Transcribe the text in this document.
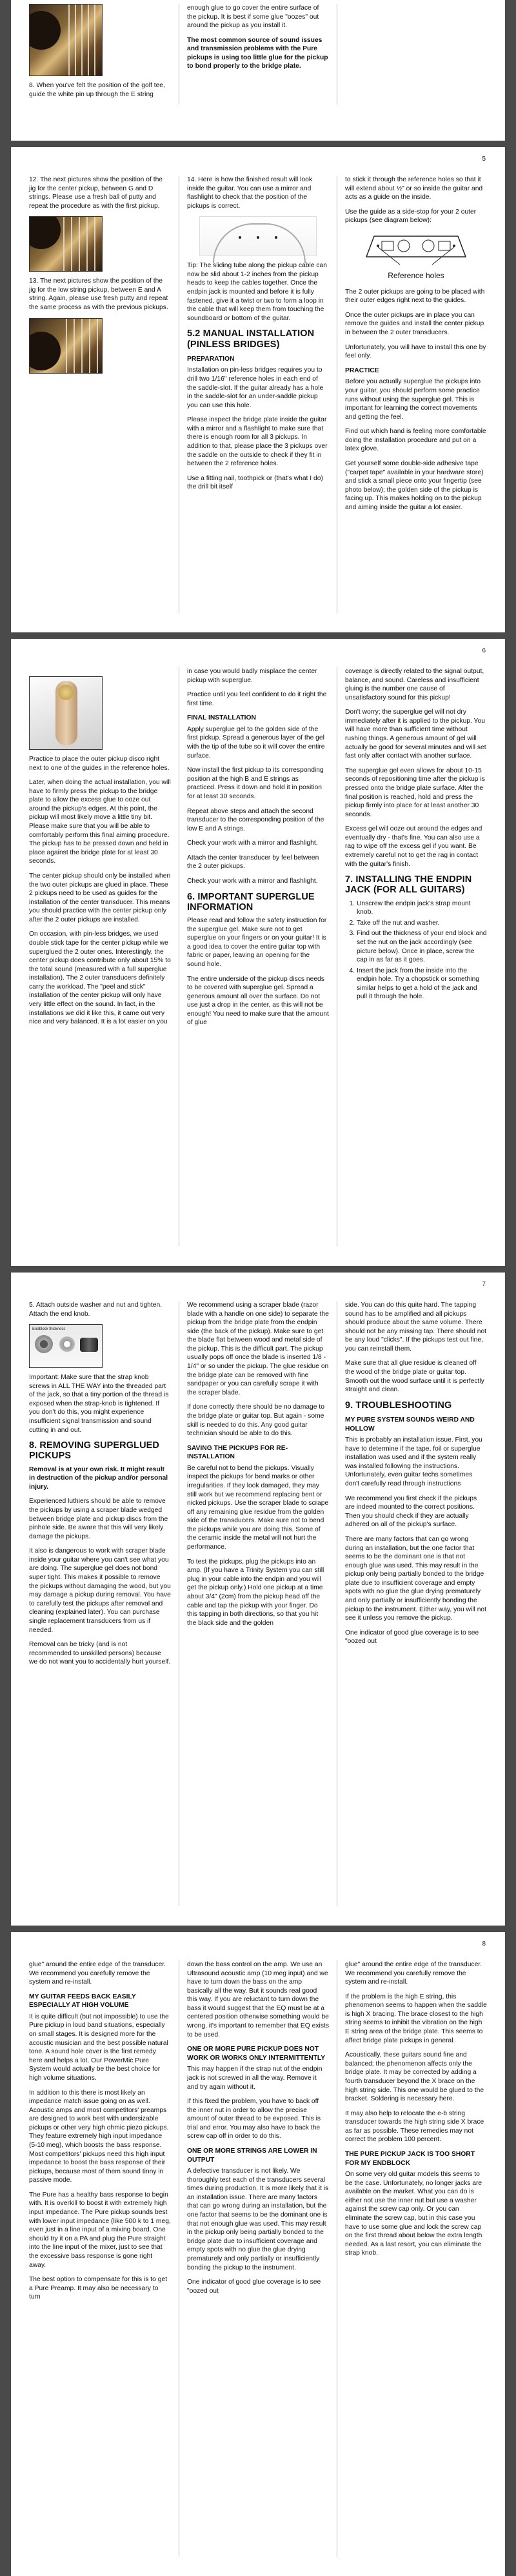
8. When you've felt the position of the golf tee, guide the white pin up through the E string

enough glue to go cover the entire surface of the pickup. It is best if some glue "oozes" out around the pickup as you install it.

The most common source of sound issues and transmission problems with the Pure pickups is using too little glue for the pickup to bond properly to the bridge plate.

5

12. The next pictures show the position of the jig for the center pickup, between G and D strings. Please use a fresh ball of putty and repeat the procedure as with the first pickup.

13. The next pictures show the position of the jig for the low string pickup, between E and A string. Again, please use fresh putty and repeat the same process as with the previous pickups.

14. Here is how the finished result will look inside the guitar. You can use a mirror and flashlight to check that the position of the pickups is correct.

Tip: The sliding tube along the pickup cable can now be slid about 1-2 inches from the pickup heads to keep the cables together. Once the endpin jack is mounted and before it is fully fastened, give it a twist or two to form a loop in the cable that will keep them from touching the soundboard or bottom of the guitar.

5.2 MANUAL INSTALLATION (PINLESS BRIDGES)
PREPARATION

Installation on pin-less bridges requires you to drill two 1/16" reference holes in each end of the saddle-slot. If the guitar already has a hole in the saddle-slot for an under-saddle pickup you can use this hole.

Please inspect the bridge plate inside the guitar with a mirror and a flashlight to make sure that there is enough room for all 3 pickups. In addition to that, please place the 3 pickups over the saddle on the outside to check if they fit in between the 2 reference holes.

Use a fitting nail, toothpick or (that's what I do) the drill bit itself

to stick it through the reference holes so that it will extend about ½" or so inside the guitar and acts as a guide on the inside.

Use the guide as a side-stop for your 2 outer pickups (see diagram below):

Reference holes

The 2 outer pickups are going to be placed with their outer edges right next to the guides.

Once the outer pickups are in place you can remove the guides and install the center pickup in between the 2 outer transducers.

Unfortunately, you will have to install this one by feel only.

PRACTICE

Before you actually superglue the pickups into your guitar, you should perform some practice runs without using the superglue gel. This is important for learning the correct movements and getting the feel.

Find out which hand is feeling more comfortable doing the installation procedure and put on a latex glove.

Get yourself some double-side adhesive tape ("carpet tape" available in your hardware store) and stick a small piece onto your fingertip (see photo below); the golden side of the pickup is facing up. This makes holding on to the pickup and aiming inside the guitar a lot easier.

6

Practice to place the outer pickup disco right next to one of the guides in the reference holes.

Later, when doing the actual installation, you will have to firmly press the pickup to the bridge plate to allow the excess glue to ooze out around the pickup's edges. At this point, the pickup will most likely move a little tiny bit. Please make sure that you will be able to comfortably perform this final aiming procedure. The pickup has to be pressed down and held in place against the bridge plate for at least 30 seconds.

The center pickup should only be installed when the two outer pickups are glued in place. These 2 pickups need to be used as guides for the installation of the center transducer. This means you should practice with the center pickup only after the 2 outer pickups are installed.

On occasion, with pin-less bridges, we used double stick tape for the center pickup while we superglued the 2 outer ones. Interestingly, the center pickup does contribute only about 15% to the total sound (measured with a full superglue installation). The 2 outer transducers definitely carry the workload. The "peel and stick" installation of the center pickup will only have very little effect on the sound. In fact, in the installations we did it like this, it came out very nice and very balanced. It is a lot easier on you

in case you would badly misplace the center pickup with superglue.

Practice until you feel confident to do it right the first time.

FINAL INSTALLATION

Apply superglue gel to the golden side of the first pickup. Spread a generous layer of the gel with the tip of the tube so it will cover the entire surface.

Now install the first pickup to its corresponding position at the high B and E strings as practiced. Press it down and hold it in position for at least 30 seconds.

Repeat above steps and attach the second transducer to the corresponding position of the low E and A strings.

Check your work with a mirror and flashlight.

Attach the center transducer by feel between the 2 outer pickups.

Check your work with a mirror and flashlight.

6. IMPORTANT SUPERGLUE INFORMATION

Please read and follow the safety instruction for the superglue gel. Make sure not to get superglue on your fingers or on your guitar! It is a good idea to cover the entire guitar top with fabric or paper, leaving an opening for the sound hole.

The entire underside of the pickup discs needs to be covered with superglue gel. Spread a generous amount all over the surface. Do not use just a drop in the center, as this will not be enough! You need to make sure that the amount of glue

coverage is directly related to the signal output, balance, and sound. Careless and insufficient gluing is the number one cause of unsatisfactory sound for this pickup!

Don't worry; the superglue gel will not dry immediately after it is applied to the pickup. You will have more than sufficient time without rushing things. A generous amount of gel will actually be good for several minutes and will set fast only after contact with another surface.

The superglue gel even allows for about 10-15 seconds of repositioning time after the pickup is pressed onto the bridge plate surface. After the final position is reached, hold and press the pickup firmly into place for at least another 30 seconds.

Excess gel will ooze out around the edges and eventually dry - that's fine. You can also use a rag to wipe off the excess gel if you want. Be extremely careful not to get the rag in contact with the guitar's finish.

7. INSTALLING THE ENDPIN JACK (FOR ALL GUITARS)
1. Unscrew the endpin jack's strap mount knob.
2. Take off the nut and washer.
3. Find out the thickness of your end block and set the nut on the jack accordingly (see picture below). Once in place, screw the cap in as far as it goes.
4. Insert the jack from the inside into the endpin hole. Try a chopstick or something similar helps to get a hold of the jack and pull it through the hole.
7

5. Attach outside washer and nut and tighten. Attach the end knob.

Endblock thickness

Important: Make sure that the strap knob screws in ALL THE WAY into the threaded part of the jack, so that a tiny portion of the thread is exposed when the strap-knob is tightened. If you don't do this, you might experience insufficient signal transmission and sound cutting in and out.

8. REMOVING SUPERGLUED PICKUPS

Removal is at your own risk. It might result in destruction of the pickup and/or personal injury.

Experienced luthiers should be able to remove the pickups by using a scraper blade wedged between bridge plate and pickup discs from the pinhole side. Be aware that this will very likely damage the pickups.

It also is dangerous to work with scraper blade inside your guitar where you can't see what you are doing. The superglue gel does not bond super tight. This makes it possible to remove the pickups without damaging the wood, but you may damage a pickup during removal. You have to carefully test the pickups after removal and cleaning (explained later). You can purchase single replacement transducers from us if needed.

Removal can be tricky (and is not recommended to unskilled persons) because we do not want you to accidentally hurt yourself.

We recommend using a scraper blade (razor blade with a handle on one side) to separate the pickup from the bridge plate from the endpin side (the back of the pickup). Make sure to get the blade flat between wood and metal side of the pickup. This is the difficult part. The pickup usually pops off once the blade is inserted 1/8 - 1/4" or so under the pickup. The glue residue on the bridge plate can be removed with fine sandpaper or you can carefully scrape it with the scraper blade.

If done correctly there should be no damage to the bridge plate or guitar top. But again - some skill is needed to do this. Any good guitar technician should be able to do this.

SAVING THE PICKUPS FOR RE-INSTALLATION

Be careful not to bend the pickups. Visually inspect the pickups for bend marks or other irregularities. If they look damaged, they may still work but we recommend replacing bent or nicked pickups. Use the scraper blade to scrape off any remaining glue residue from the golden side of the transducers. Make sure not to bend the pickups while you are doing this. Some of the ceramic inside the metal will not hurt the performance.

To test the pickups, plug the pickups into an amp. (If you have a Trinity System you can still plug in your cable into the endpin and you will get the pickup only.) Hold one pickup at a time about 3/4" (2cm) from the pickup head off the cable and tap the pickup with your finger. Do this tapping in both directions, so that you hit the black side and the golden

side. You can do this quite hard. The tapping sound has to be amplified and all pickups should produce about the same volume. There should not be any missing tap. There should not be any loud "clicks". If the pickups test out fine, you can reinstall them.

Make sure that all glue residue is cleaned off the wood of the bridge plate or guitar top. Smooth out the wood surface until it is perfectly straight and clean.

9. TROUBLESHOOTING
MY PURE SYSTEM SOUNDS WEIRD AND HOLLOW

This is probably an installation issue. First, you have to determine if the tape, foil or superglue installation was used and if the system really was installed following the instructions. Unfortunately, even guitar techs sometimes don't carefully read through instructions

We recommend you first check if the pickups are indeed mounted to the correct positions. Then you should check if they are actually adhered on all of the pickup's surface.

There are many factors that can go wrong during an installation, but the one factor that seems to be the dominant one is that not enough glue was used. This may result in the pickup only being partially bonded to the bridge plate due to insufficient coverage and empty spots with no glue the glue drying prematurely and only partially or insufficiently bonding the pickup to the instrument. Either way, you will not see it unless you remove the pickup.

One indicator of good glue coverage is to see "oozed out

8

glue" around the entire edge of the transducer. We recommend you carefully remove the system and re-install.

MY GUITAR FEEDS BACK EASILY ESPECIALLY AT HIGH VOLUME

It is quite difficult (but not impossible) to use the Pure pickup in loud band situations, especially on small stages. It is designed more for the acoustic musician and the best possible natural tone. A sound hole cover is the first remedy here and helps a lot. Our PowerMic Pure System would actually be the best choice for high volume situations.

In addition to this there is most likely an impedance match issue going on as well. Acoustic amps and most competitors' preamps are designed to work best with undersizable pickups or other very high ohmic piezo pickups. They feature extremely high input impedance (5-10 meg), which boosts the bass response. Most competitors' pickups need this high input impedance to boost the bass response of their pickups, because most of them sound tinny in passive mode.

The Pure has a healthy bass response to begin with. It is overkill to boost it with extremely high input impedance. The Pure pickup sounds best with lower input impedance (like 500 k to 1 meg, even just in a line input of a mixing board. One should try it on a PA and plug the Pure straight into the line input of the mixer, just to see that the excessive bass response is gone right away.

The best option to compensate for this is to get a Pure Preamp. It may also be necessary to turn

down the bass control on the amp. We use an Ultrasound acoustic amp (10 meg input) and we have to turn down the bass on the amp basically all the way. But it sounds real good this way. If you are reluctant to turn down the bass it would suggest that the EQ must be at a centered position otherwise something would be wrong, it's important to remember that EQ exists to be used.

ONE OR MORE PURE PICKUP DOES NOT WORK OR WORKS ONLY INTERMITTENTLY

This may happen if the strap nut of the endpin jack is not screwed in all the way. Remove it and try again without it.

If this fixed the problem, you have to back off the inner nut in order to allow the precise amount of outer thread to be exposed. This is trial and error. You may also have to back the screw cap off in order to do this.

ONE OR MORE STRINGS ARE LOWER IN OUTPUT

A defective transducer is not likely. We thoroughly test each of the transducers several times during production. It is more likely that it is an installation issue. There are many factors that can go wrong during an installation, but the one factor that seems to be the dominant one is that not enough glue was used. This may result in the pickup only being partially bonded to the bridge plate due to insufficient coverage and empty spots with no glue the glue drying prematurely and only partially or insufficiently bonding the pickup to the instrument.

One indicator of good glue coverage is to see "oozed out

glue" around the entire edge of the transducer. We recommend you carefully remove the system and re-install.

If the problem is the high E string, this phenomenon seems to happen when the saddle is high X bracing. The brace closest to the high string seems to inhibit the vibration on the high E string area of the bridge plate. This seems to affect bridge plate pickups in general.

Acoustically, these guitars sound fine and balanced; the phenomenon affects only the bridge plate. It may be corrected by adding a fourth transducer beyond the X brace on the high string side. This one would be glued to the bracket. Soldering is necessary here.

It may also help to relocate the e-b string transducer towards the high string side X brace as far as possible. These remedies may not correct the problem 100 percent.

THE PURE PICKUP JACK IS TOO SHORT FOR MY ENDBLOCK

On some very old guitar models this seems to be the case. Unfortunately, no longer jacks are available on the market. What you can do is either not use the inner nut but use a washer against the screw cap only. Or you can eliminate the screw cap, but in this case you have to use some glue and lock the screw cap on the first thread about below the extra length needed. As a last resort, you can eliminate the strap knob.
